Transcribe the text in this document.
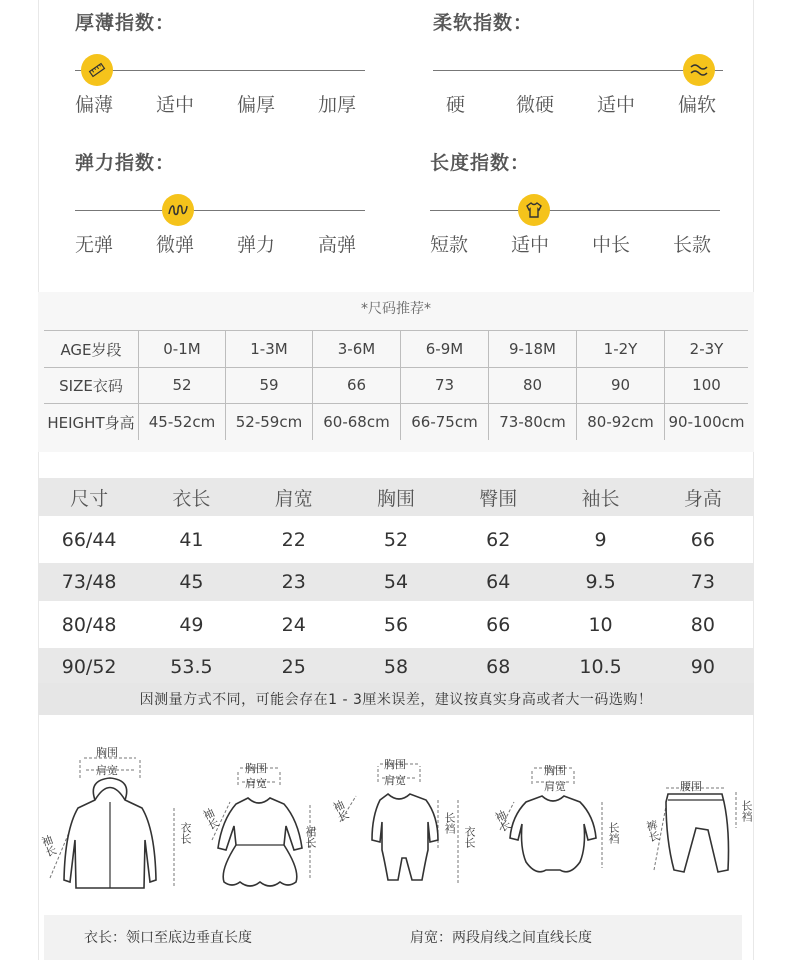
厚薄指数：
偏薄 适中 偏厚 加厚
柔软指数：
硬	微硬 适中 偏软
弹力指数：
无弹 微弹 弹力 高弹
长度指数：
短款 适中 中长 长款
*尺码推荐*
AGE岁段	0-1M	1-3M	3-6M	6-9M	9-18M	1-2Y	2-3Y
SIZE衣码	52	59	66	73	80	90	100
HEIGHT身高 45-52cm	52-59cm	60-68cm	66-75cm	73-80cm	80-92cm 90-100cm
尺寸	衣长	肩宽	胸围	臀围	袖长	身高
66/44	41	22	52	62	9	66
73/48	45	23	54	64	9.5	73
80/48	49	24	56	66	10	80
90/52	53.5	25	58	68	10.5	90
因测量方式不同，可能会存在1 - 3厘米误差，建议按真实身高或者大一码选购！
胸围
肩宽
袖长
衣长
胸围
肩宽
袖长
裙长
胸围
肩宽
袖长	长裆
衣长
胸围
肩宽
袖长	长裆
腰围
裤长
长裆
衣长：领口至底边垂直长度	肩宽：两段肩线之间直线长度
